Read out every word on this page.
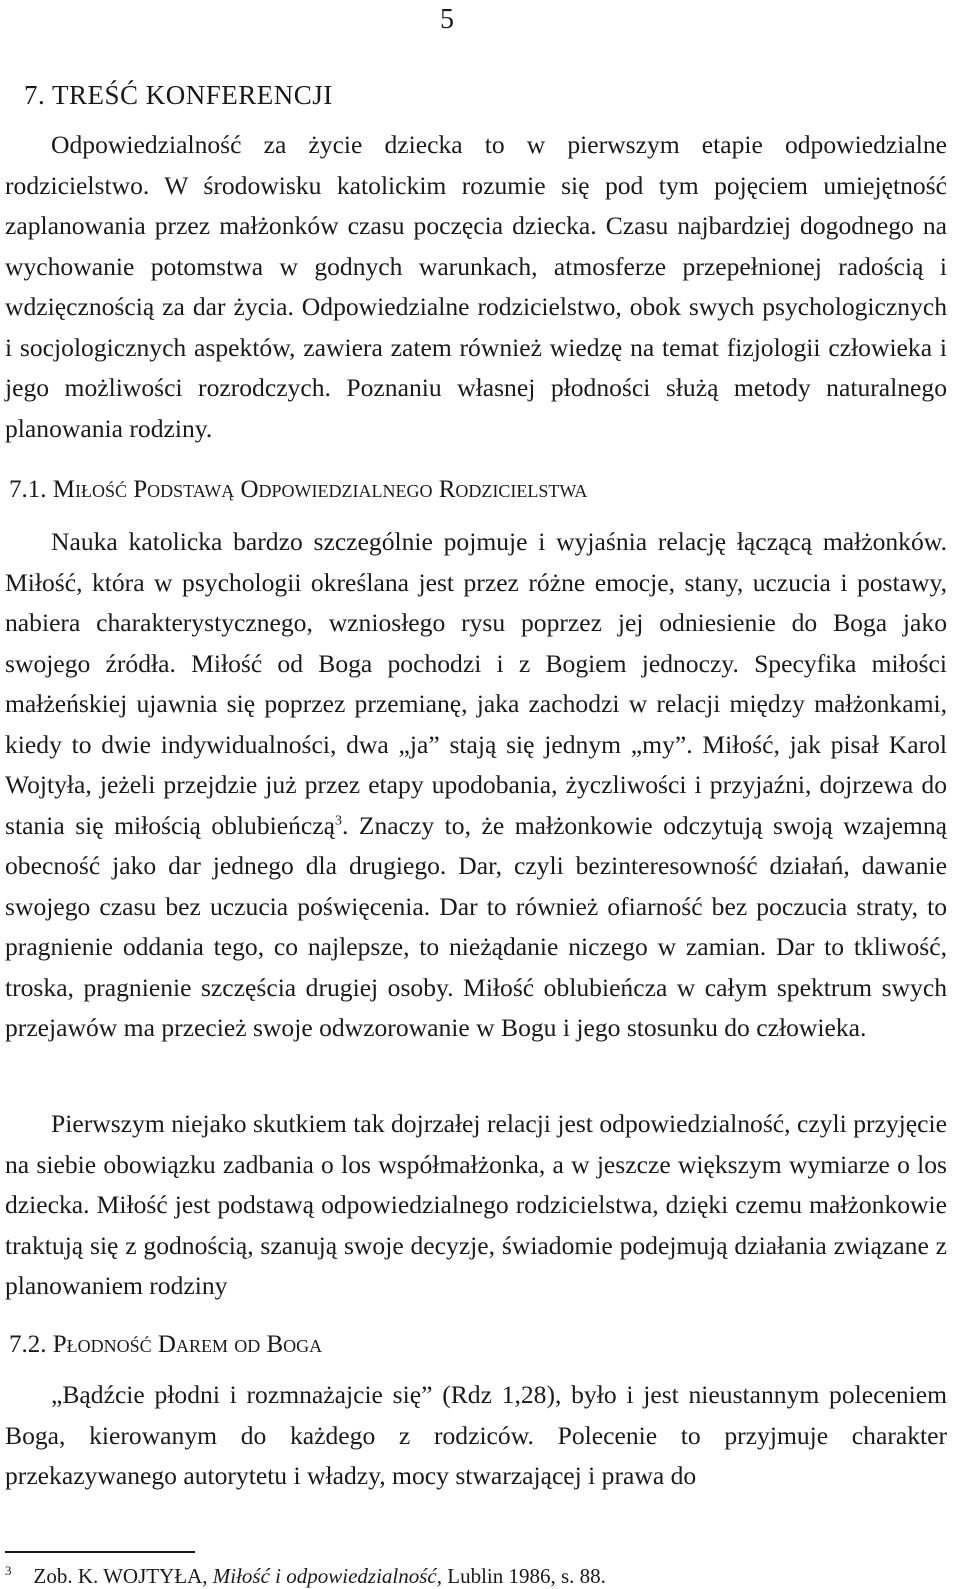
5
7. TREŚĆ KONFERENCJI

Odpowiedzialność za życie dziecka to w pierwszym etapie odpowiedzialne rodzicielstwo. W środowisku katolickim rozumie się pod tym pojęciem umiejętność zaplanowania przez małżonków czasu poczęcia dziecka. Czasu najbardziej dogodnego na wychowanie potomstwa w godnych warunkach, atmosferze przepełnionej radością i wdzięcznością za dar życia. Odpowiedzialne rodzicielstwo, obok swych psychologicznych i socjologicznych aspektów, zawiera zatem również wiedzę na temat fizjologii człowieka i jego możliwości rozrodczych. Poznaniu własnej płodności służą metody naturalnego planowania rodziny.

7.1. Miłość Podstawą Odpowiedzialnego Rodzicielstwa

Nauka katolicka bardzo szczególnie pojmuje i wyjaśnia relację łączącą małżonków. Miłość, która w psychologii określana jest przez różne emocje, stany, uczucia i postawy, nabiera charakterystycznego, wzniosłego rysu poprzez jej odniesienie do Boga jako swojego źródła. Miłość od Boga pochodzi i z Bogiem jednoczy. Specyfika miłości małżeńskiej ujawnia się poprzez przemianę, jaka zachodzi w relacji między małżonkami, kiedy to dwie indywidualności, dwa „ja” stają się jednym „my”. Miłość, jak pisał Karol Wojtyła, jeżeli przejdzie już przez etapy upodobania, życzliwości i przyjaźni, dojrzewa do stania się miłością oblubieńczą$^3$. Znaczy to, że małżonkowie odczytują swoją wzajemną obecność jako dar jednego dla drugiego. Dar, czyli bezinteresowność działań, dawanie swojego czasu bez uczucia poświęcenia. Dar to również ofiarność bez poczucia straty, to pragnienie oddania tego, co najlepsze, to nieżądanie niczego w zamian. Dar to tkliwość, troska, pragnienie szczęścia drugiej osoby. Miłość oblubieńcza w całym spektrum swych przejawów ma przecież swoje odwzorowanie w Bogu i jego stosunku do człowieka.

Pierwszym niejako skutkiem tak dojrzałej relacji jest odpowiedzialność, czyli przyjęcie na siebie obowiązku zadbania o los współmałżonka, a w jeszcze większym wymiarze o los dziecka. Miłość jest podstawą odpowiedzialnego rodzicielstwa, dzięki czemu małżonkowie traktują się z godnością, szanują swoje decyzje, świadomie podejmują działania związane z planowaniem rodziny

7.2. Płodność Darem od Boga

„Bądźcie płodni i rozmnażajcie się” (Rdz 1,28), było i jest nieustannym poleceniem Boga, kierowanym do każdego z rodziców. Polecenie to przyjmuje charakter przekazywanego autorytetu i władzy, mocy stwarzającej i prawa do

$^3$ Zob. K. WOJTYŁA, Miłość i odpowiedzialność, Lublin 1986, s. 88.
